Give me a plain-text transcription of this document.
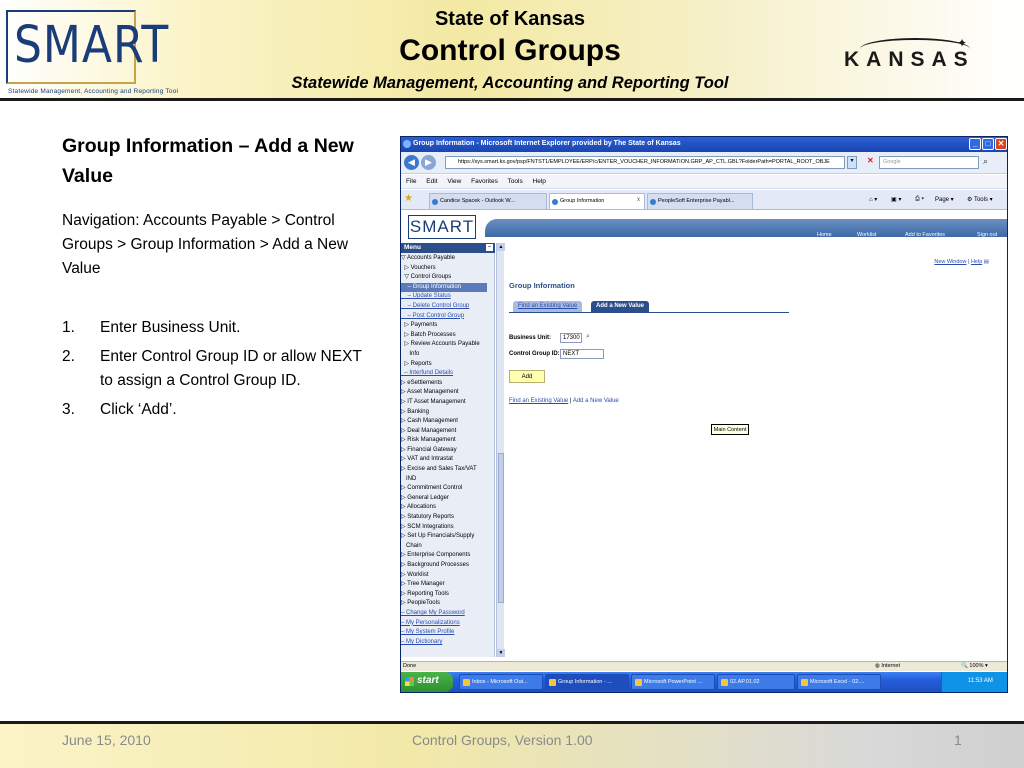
SMART
Statewide Management, Accounting and Reporting Tool
State of Kansas
Control Groups
Statewide Management, Accounting and Reporting Tool
✦
KANSAS
Group Information – Add a New Value
Navigation: Accounts Payable > Control Groups > Group Information > Add a New Value
1. Enter Business Unit.
2. Enter Control Group ID or allow NEXT to assign a Control Group ID.
3. Click ‘Add’.
Group Information - Microsoft Internet Explorer provided by The State of Kansas	_	□ ✕
◀	▶	https://sys.smart.ks.gov/psp/FNTST1/EMPLOYEE/ERP/c/ENTER_VOUCHER_INFORMATION.GRP_AP_CTL.GBL?FolderPath=PORTAL_ROOT_OBJE	▾	✕	Google	⌕
File Edit View Favorites Tools Help
★	Candice Spacek - Outlook W...	Group Information	x	PeopleSoft Enterprise Payabl...	⌂ ▾ ▣ ▾ ⎙ ▾ Page ▾ ⚙ Tools ▾
SMART	Home	Worklist	Add to Favorites	Sign out
Menu	–
▽ Accounts Payable
▷ Vouchers
▽ Control Groups
– Group Information
– Update Status
– Delete Control Group
– Post Control Group
▷ Payments
▷ Batch Processes
▷ Review Accounts Payable
Info
▷ Reports
– Interfund Details
▷ eSettlements
▷ Asset Management
▷ IT Asset Management
▷ Banking
▷ Cash Management
▷ Deal Management
▷ Risk Management
▷ Financial Gateway
▷ VAT and Intrastat
▷ Excise and Sales Tax/VAT
IND
▷ Commitment Control
▷ General Ledger
▷ Allocations
▷ Statutory Reports
▷ SCM Integrations
▷ Set Up Financials/Supply
Chain
▷ Enterprise Components
▷ Background Processes
▷ Worklist
▷ Tree Manager
▷ Reporting Tools
▷ PeopleTools
– Change My Password
– My Personalizations
– My System Profile
– My Dictionary
▲
▼
New Window | Help ▤
Group Information
Find an Existing Value	Add a New Value
Business Unit:	17300 ⌕
Control Group ID: NEXT
Add
Find an Existing Value | Add a New Value
Main Content
Done	◍ Internet	🔍 100% ▾
start	Inbox - Microsoft Out...	Group Information - ...	Microsoft PowerPoint ...	02.AP.01.02	Microsoft Excel - 02....	11:53 AM
June 15, 2010	Control Groups, Version 1.00	1
